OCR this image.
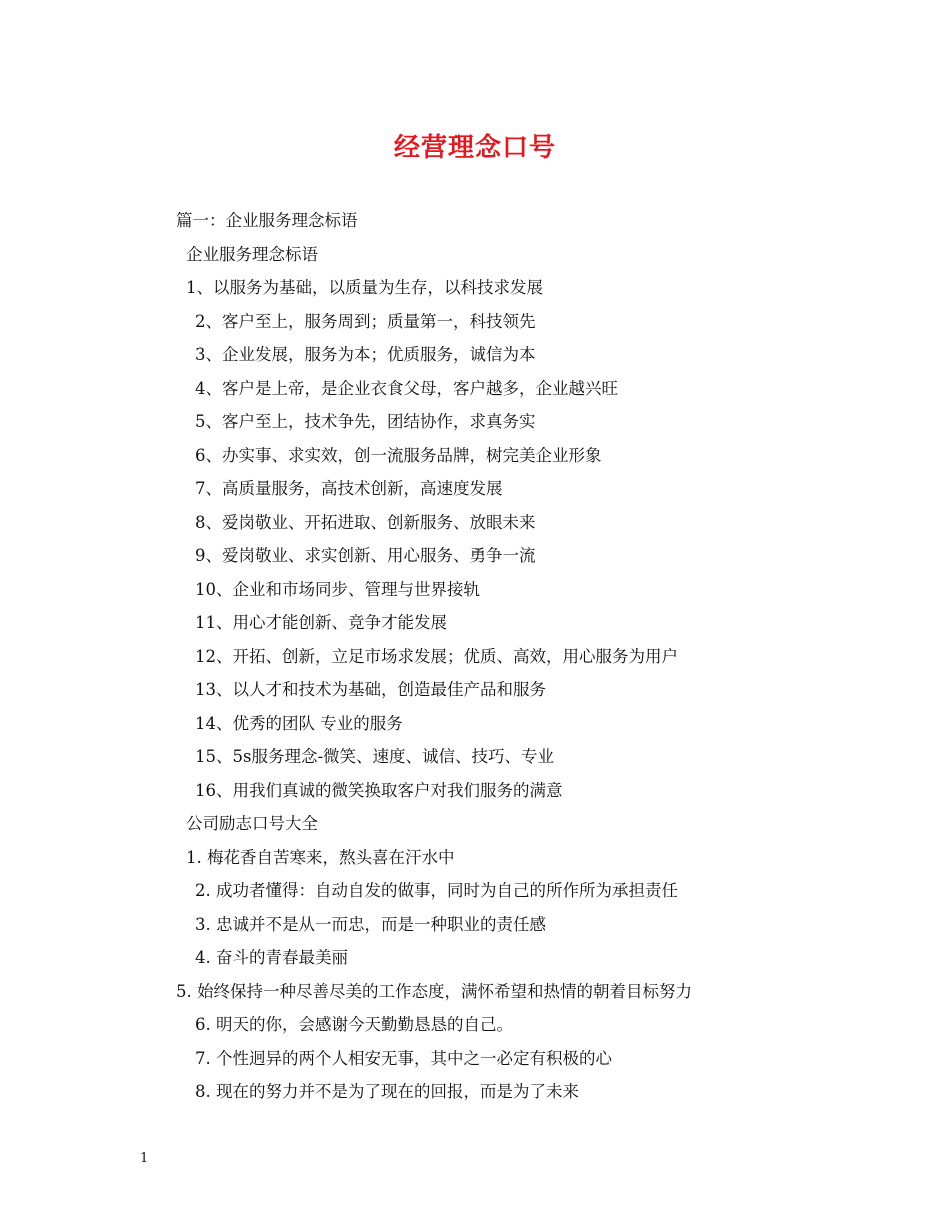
经营理念口号
篇一：企业服务理念标语
企业服务理念标语
1、以服务为基础，以质量为生存，以科技求发展
2、客户至上，服务周到；质量第一，科技领先
3、企业发展，服务为本；优质服务，诚信为本
4、客户是上帝，是企业衣食父母，客户越多，企业越兴旺
5、客户至上，技术争先，团结协作，求真务实
6、办实事、求实效，创一流服务品牌，树完美企业形象
7、高质量服务，高技术创新，高速度发展
8、爱岗敬业、开拓进取、创新服务、放眼未来
9、爱岗敬业、求实创新、用心服务、勇争一流
10、企业和市场同步、管理与世界接轨
11、用心才能创新、竞争才能发展
12、开拓、创新，立足市场求发展；优质、高效，用心服务为用户
13、以人才和技术为基础，创造最佳产品和服务
14、优秀的团队 专业的服务
15、5s服务理念-微笑、速度、诚信、技巧、专业
16、用我们真诚的微笑换取客户对我们服务的满意
公司励志口号大全
1. 梅花香自苦寒来，熬头喜在汗水中
2. 成功者懂得：自动自发的做事，同时为自己的所作所为承担责任
3. 忠诚并不是从一而忠，而是一种职业的责任感
4. 奋斗的青春最美丽
5. 始终保持一种尽善尽美的工作态度，满怀希望和热情的朝着目标努力
6. 明天的你，会感谢今天勤勤恳恳的自己。
7. 个性迥异的两个人相安无事，其中之一必定有积极的心
8. 现在的努力并不是为了现在的回报，而是为了未来
1
